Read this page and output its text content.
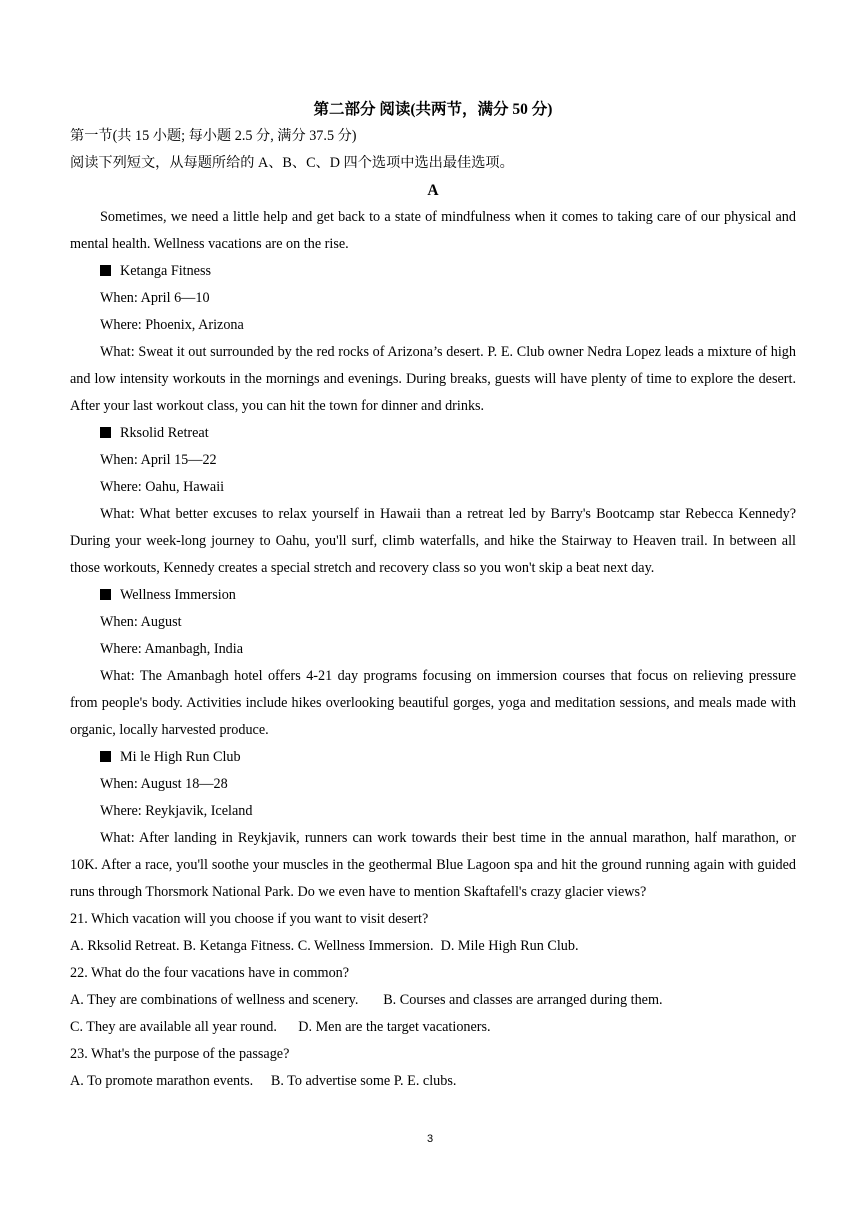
第二部分 阅读(共两节，满分 50 分)

第一节(共 15 小题; 每小题 2.5 分, 满分 37.5 分)

阅读下列短文，从每题所给的 A、B、C、D 四个选项中选出最佳选项。

A

Sometimes, we need a little help and get back to a state of mindfulness when it comes to taking care of our physical and mental health. Wellness vacations are on the rise.

Ketanga Fitness

When: April 6—10

Where: Phoenix, Arizona

What: Sweat it out surrounded by the red rocks of Arizona’s desert. P. E. Club owner Nedra Lopez leads a mixture of high and low intensity workouts in the mornings and evenings. During breaks, guests will have plenty of time to explore the desert. After your last workout class, you can hit the town for dinner and drinks.

Rksolid Retreat

When: April 15—22

Where: Oahu, Hawaii

What: What better excuses to relax yourself in Hawaii than a retreat led by Barry's Bootcamp star Rebecca Kennedy? During your week-long journey to Oahu, you'll surf, climb waterfalls, and hike the Stairway to Heaven trail. In between all those workouts, Kennedy creates a special stretch and recovery class so you won't skip a beat next day.

Wellness Immersion

When: August

Where: Amanbagh, India

What: The Amanbagh hotel offers 4-21 day programs focusing on immersion courses that focus on relieving pressure from people's body. Activities include hikes overlooking beautiful gorges, yoga and meditation sessions, and meals made with organic, locally harvested produce.

Mi le High Run Club

When: August 18—28

Where: Reykjavik, Iceland

What: After landing in Reykjavik, runners can work towards their best time in the annual marathon, half marathon, or 10K. After a race, you'll soothe your muscles in the geothermal Blue Lagoon spa and hit the ground running again with guided runs through Thorsmork National Park. Do we even have to mention Skaftafell's crazy glacier views?

21. Which vacation will you choose if you want to visit desert?

A. Rksolid Retreat. B. Ketanga Fitness. C. Wellness Immersion.  D. Mile High Run Club.

22. What do the four vacations have in common?

A. They are combinations of wellness and scenery.       B. Courses and classes are arranged during them.

C. They are available all year round.      D. Men are the target vacationers.

23. What's the purpose of the passage?

A. To promote marathon events.     B. To advertise some P. E. clubs.

3
